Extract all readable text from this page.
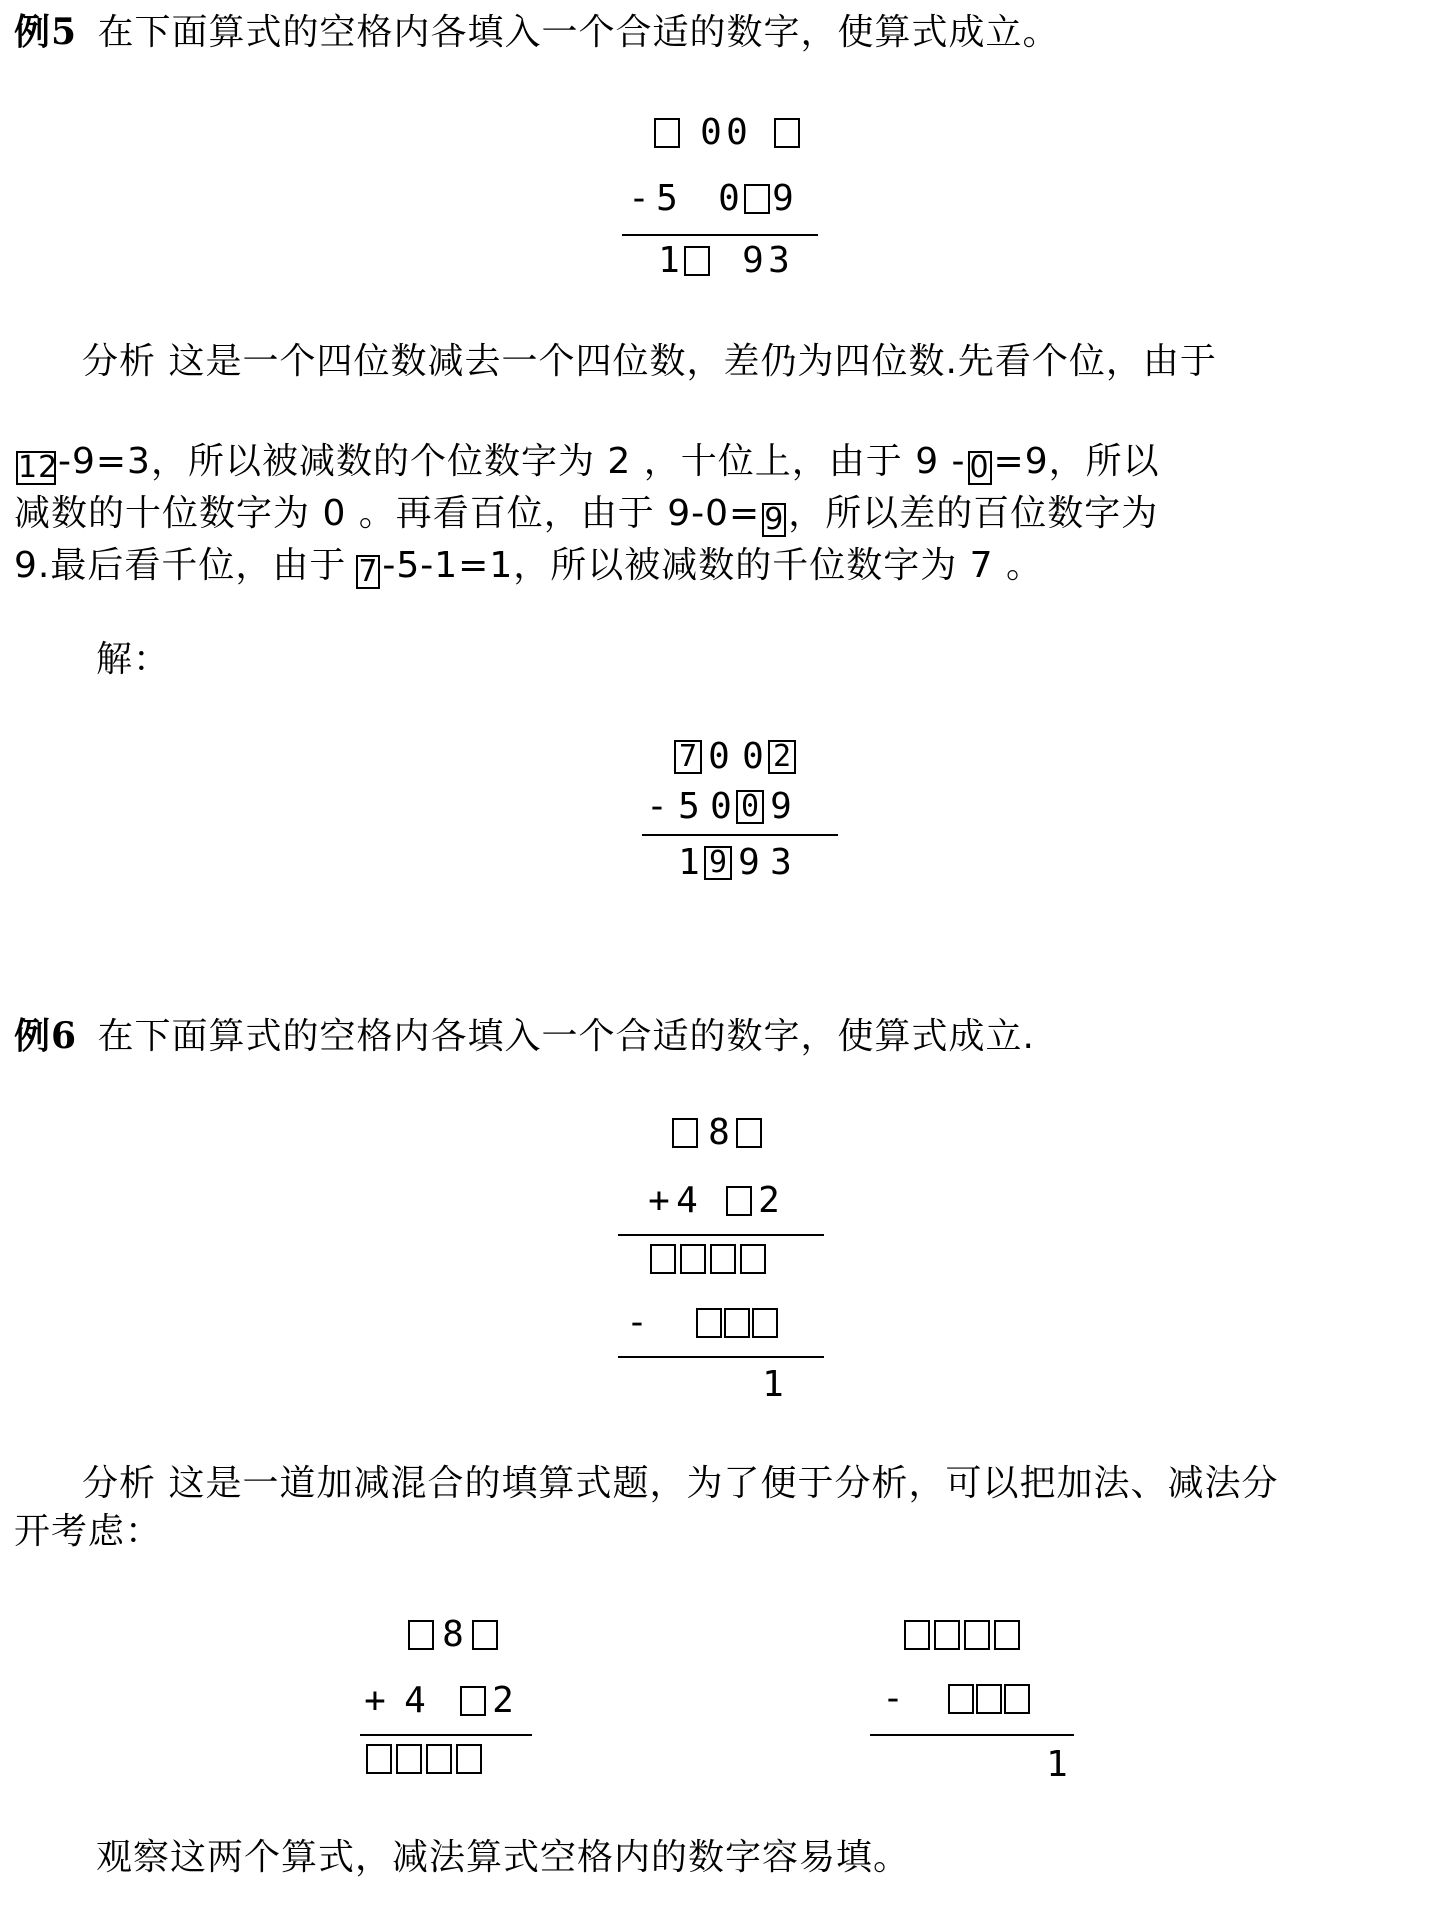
例5 在下面算式的空格内各填入一个合适的数字，使算式成立。
0 0
- 5 0 9
1 9 3
分析 这是一个四位数减去一个四位数，差仍为四位数.先看个位，由于
12-9=3，所以被减数的个位数字为 2 ，十位上，由于 9 - 0 =9，所以
减数的十位数字为 0 。再看百位，由于 9-0= 9 ，所以差的百位数字为
9.最后看千位，由于 7 -5-1=1，所以被减数的千位数字为 7 。
解：
7 0 0 2
- 5 0 0 9
1 9 9 3
例6 在下面算式的空格内各填入一个合适的数字，使算式成立.
8
+ 4 2
-
1
分析 这是一道加减混合的填算式题，为了便于分析，可以把加法、减法分
开考虑：
8
+ 4 2	-
1
观察这两个算式，减法算式空格内的数字容易填。
